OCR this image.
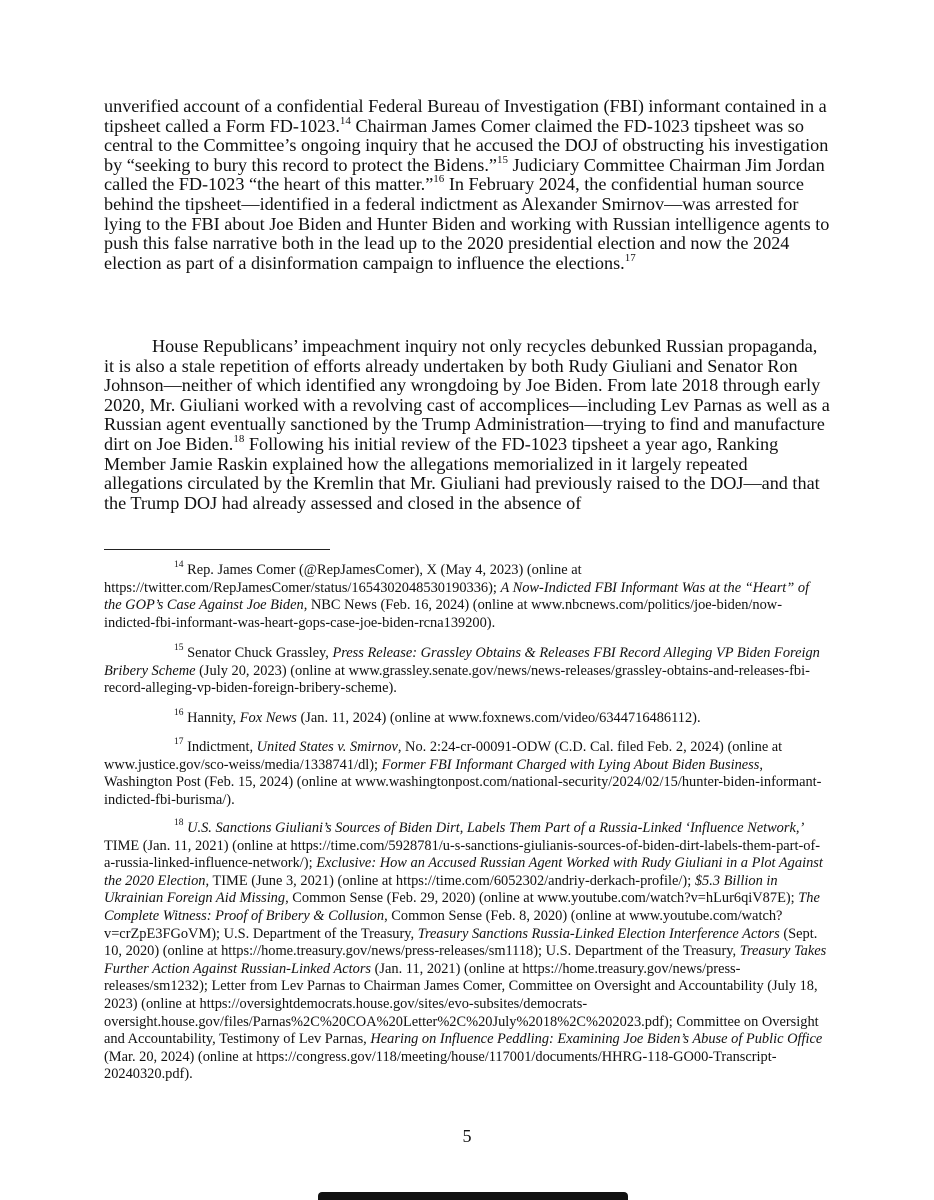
unverified account of a confidential Federal Bureau of Investigation (FBI) informant contained in a tipsheet called a Form FD-1023.14 Chairman James Comer claimed the FD-1023 tipsheet was so central to the Committee’s ongoing inquiry that he accused the DOJ of obstructing his investigation by “seeking to bury this record to protect the Bidens.”$^{15}$ Judiciary Committee Chairman Jim Jordan called the FD-1023 “the heart of this matter.”$^{16}$ In February 2024, the confidential human source behind the tipsheet—identified in a federal indictment as Alexander Smirnov—was arrested for lying to the FBI about Joe Biden and Hunter Biden and working with Russian intelligence agents to push this false narrative both in the lead up to the 2020 presidential election and now the 2024 election as part of a disinformation campaign to influence the elections.$^{17}$

House Republicans’ impeachment inquiry not only recycles debunked Russian propaganda, it is also a stale repetition of efforts already undertaken by both Rudy Giuliani and Senator Ron Johnson—neither of which identified any wrongdoing by Joe Biden. From late 2018 through early 2020, Mr. Giuliani worked with a revolving cast of accomplices—including Lev Parnas as well as a Russian agent eventually sanctioned by the Trump Administration—trying to find and manufacture dirt on Joe Biden.$^{18}$ Following his initial review of the FD-1023 tipsheet a year ago, Ranking Member Jamie Raskin explained how the allegations memorialized in it largely repeated allegations circulated by the Kremlin that Mr. Giuliani had previously raised to the DOJ—and that the Trump DOJ had already assessed and closed in the absence of

$^{14}$ Rep. James Comer (@RepJamesComer), X (May 4, 2023) (online at https://twitter.com/RepJamesComer/status/1654302048530190336); A Now-Indicted FBI Informant Was at the “Heart” of the GOP’s Case Against Joe Biden, NBC News (Feb. 16, 2024) (online at www.nbcnews.com/politics/joe-biden/now-indicted-fbi-informant-was-heart-gops-case-joe-biden-rcna139200).

$^{15}$ Senator Chuck Grassley, Press Release: Grassley Obtains & Releases FBI Record Alleging VP Biden Foreign Bribery Scheme (July 20, 2023) (online at www.grassley.senate.gov/news/news-releases/grassley-obtains-and-releases-fbi-record-alleging-vp-biden-foreign-bribery-scheme).

$^{16}$ Hannity, Fox News (Jan. 11, 2024) (online at www.foxnews.com/video/6344716486112).

$^{17}$ Indictment, United States v. Smirnov, No. 2:24-cr-00091-ODW (C.D. Cal. filed Feb. 2, 2024) (online at www.justice.gov/sco-weiss/media/1338741/dl); Former FBI Informant Charged with Lying About Biden Business, Washington Post (Feb. 15, 2024) (online at www.washingtonpost.com/national-security/2024/02/15/hunter-biden-informant-indicted-fbi-burisma/).

$^{18}$ U.S. Sanctions Giuliani’s Sources of Biden Dirt, Labels Them Part of a Russia-Linked ‘Influence Network,’ TIME (Jan. 11, 2021) (online at https://time.com/5928781/u-s-sanctions-giulianis-sources-of-biden-dirt-labels-them-part-of-a-russia-linked-influence-network/); Exclusive: How an Accused Russian Agent Worked with Rudy Giuliani in a Plot Against the 2020 Election, TIME (June 3, 2021) (online at https://time.com/6052302/andriy-derkach-profile/); $5.3 Billion in Ukrainian Foreign Aid Missing, Common Sense (Feb. 29, 2020) (online at www.youtube.com/watch?v=hLur6qiV87E); The Complete Witness: Proof of Bribery & Collusion, Common Sense (Feb. 8, 2020) (online at www.youtube.com/watch?v=crZpE3FGoVM); U.S. Department of the Treasury, Treasury Sanctions Russia-Linked Election Interference Actors (Sept. 10, 2020) (online at https://home.treasury.gov/news/press-releases/sm1118); U.S. Department of the Treasury, Treasury Takes Further Action Against Russian-Linked Actors (Jan. 11, 2021) (online at https://home.treasury.gov/news/press-releases/sm1232); Letter from Lev Parnas to Chairman James Comer, Committee on Oversight and Accountability (July 18, 2023) (online at https://oversightdemocrats.house.gov/sites/evo-subsites/democrats-oversight.house.gov/files/Parnas%2C%20COA%20Letter%2C%20July%2018%2C%202023.pdf); Committee on Oversight and Accountability, Testimony of Lev Parnas, Hearing on Influence Peddling: Examining Joe Biden’s Abuse of Public Office (Mar. 20, 2024) (online at https://congress.gov/118/meeting/house/117001/documents/HHRG-118-GO00-Transcript-20240320.pdf).

5
